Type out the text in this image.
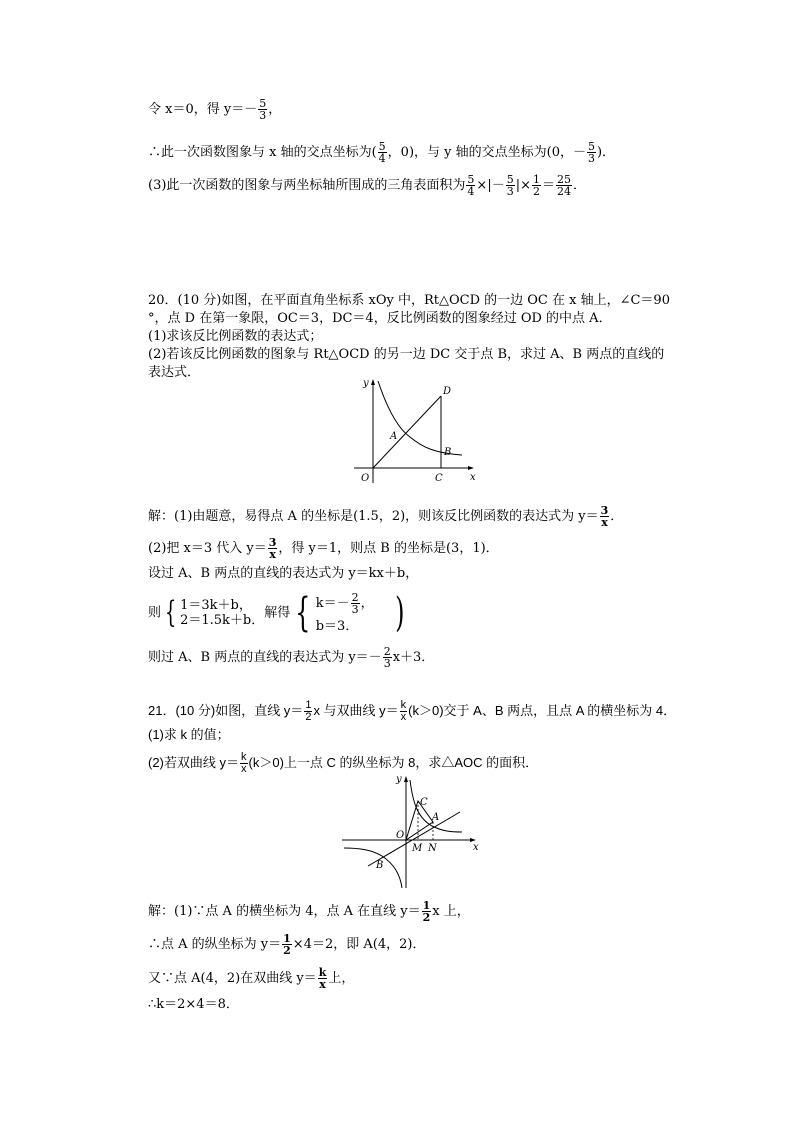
令 x＝0，得 $y=- \frac{5}{3}$ ，
∴此一次函数图象与 x 轴的交点坐标为( $\frac{5}{4}$ ，0)，与 y 轴的交点坐标为(0，－ $\frac{5}{3}$ )．
(3)此一次函数的图象与两坐标轴所围成的三角表面积为 $\frac{5}{4}$ ×|－ $\frac{5}{3}$ |× $\frac{1}{2} = \frac{25}{24}$ ．
20．(10 分)如图，在平面直角坐标系 xOy 中，Rt△OCD 的一边 OC 在 x 轴上，∠C＝90
°，点 D 在第一象限，OC＝3，DC＝4，反比例函数的图象经过 OD 的中点 A．
(1)求该反比例函数的表达式；
(2)若该反比例函数的图象与 Rt△OCD 的另一边 DC 交于点 B，求过 A、B 两点的直线的
表达式．
y
x
O
A
B
C
D
解：(1)由题意，易得点 A 的坐标是(1.5，2)，则该反比例函数的表达式为 $y= \frac{3}{x}$ ．
(2)把 x＝3 代入 $y= \frac{3}{x}$ ，得 y＝1，则点 B 的坐标是(3，1)．
设过 A、B 两点的直线的表达式为 y＝kx＋b，
则 { 1＝3k＋b，
2＝1.5k＋b． 解得 { $k=- \frac{2}{3}$ ，
b＝3． )
则过 A、B 两点的直线的表达式为 $y=- \frac{2}{3} x+3$．
21．(10 分)如图，直线 $y= \frac{1}{2}$ x 与双曲线 $y= \frac{k}{x} (k>0)$交于 A、B 两点，且点 A 的横坐标为 4．
(1)求 k 的值；
(2)若双曲线 $y= \frac{k}{x} (k>0)$上一点 C 的纵坐标为 8，求△AOC 的面积．
y
x
O
C
A
M N
B
解：(1)∵点 A 的横坐标为 4，点 A 在直线 $y= \frac{1}{2}$ x 上，
∴点 A 的纵坐标为 $y= \frac{1}{2} \times 4=2$，即 A(4，2)．
又∵点 A(4，2)在双曲线 $y= \frac{k}{x}$ 上，
∴k＝2×4＝8．
